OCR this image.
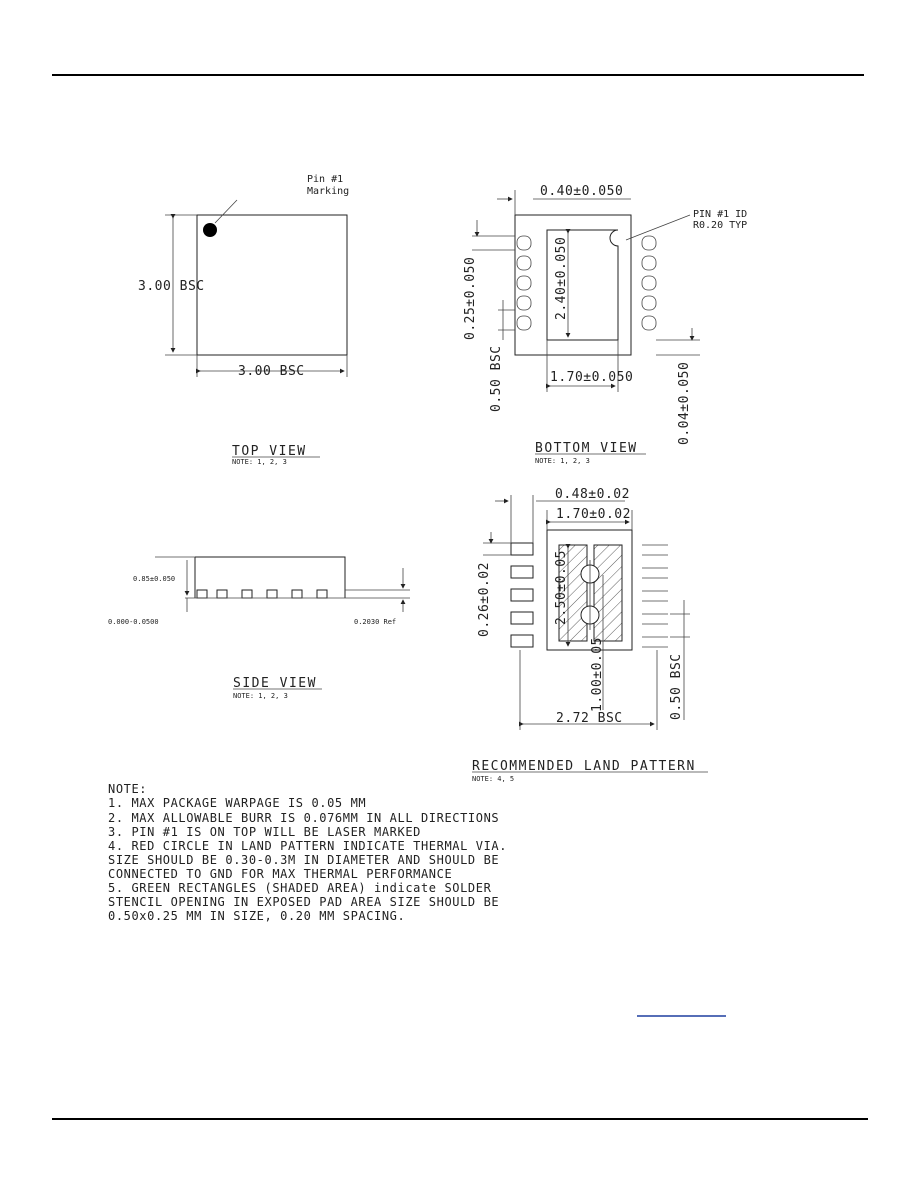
Pin #1
Marking
3.00 BSC
3.00 BSC
TOP VIEW
NOTE: 1, 2, 3
0.40±0.050
PIN #1 ID
R0.20 TYP
2.40±0.050
0.25±0.050
0.50 BSC	1.70±0.050	0.04±0.050
BOTTOM VIEW
NOTE: 1, 2, 3
0.85±0.050
0.000-0.0500	0.2030 Ref
SIDE VIEW
NOTE: 1, 2, 3
0.48±0.02
1.70±0.02
0.26±0.02	2.50±0.05
1.00±0.05
2.72 BSC	0.50 BSC
RECOMMENDED LAND PATTERN
NOTE: 4, 5
NOTE:
1. MAX PACKAGE WARPAGE IS 0.05 MM
2. MAX ALLOWABLE BURR IS 0.076MM IN ALL DIRECTIONS
3. PIN #1 IS ON TOP WILL BE LASER MARKED
4. RED CIRCLE IN LAND PATTERN INDICATE THERMAL VIA.
SIZE SHOULD BE 0.30-0.3M IN DIAMETER AND SHOULD BE
CONNECTED TO GND FOR MAX THERMAL PERFORMANCE
5. GREEN RECTANGLES (SHADED AREA) indicate SOLDER
STENCIL OPENING IN EXPOSED PAD AREA SIZE SHOULD BE
0.50x0.25 MM IN SIZE, 0.20 MM SPACING.
